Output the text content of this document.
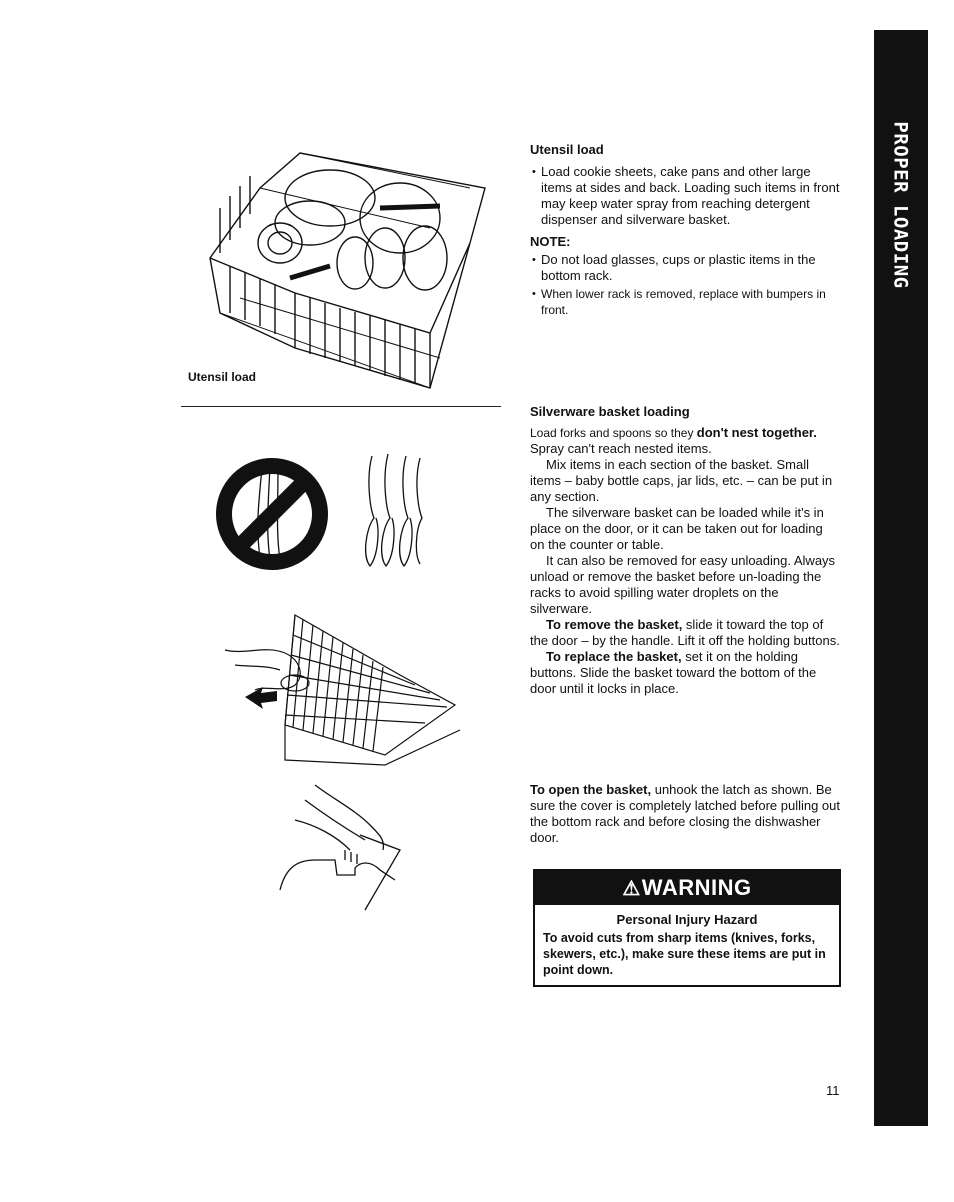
PROPER LOADING
Utensil load
Utensil load

• Load cookie sheets, cake pans and other large items at sides and back. Loading such items in front may keep water spray from reaching detergent dispenser and silverware basket.

NOTE:

• Do not load glasses, cups or plastic items in the bottom rack.

• When lower rack is removed, replace with bumpers in front.

Silverware basket loading

Load forks and spoons so they don't nest together. Spray can't reach nested items.

Mix items in each section of the basket. Small items – baby bottle caps, jar lids, etc. – can be put in any section.

The silverware basket can be loaded while it's in place on the door, or it can be taken out for loading on the counter or table.

It can also be removed for easy unloading. Always unload or remove the basket before un-loading the racks to avoid spilling water droplets on the silverware.

To remove the basket, slide it toward the top of the door – by the handle. Lift it off the holding buttons.

To replace the basket, set it on the holding buttons. Slide the basket toward the bottom of the door until it locks in place.

To open the basket, unhook the latch as shown. Be sure the cover is completely latched before pulling out the bottom rack and before closing the dishwasher door.

⚠ WARNING
Personal Injury Hazard
To avoid cuts from sharp items (knives, forks, skewers, etc.), make sure these items are put in point down.
11
